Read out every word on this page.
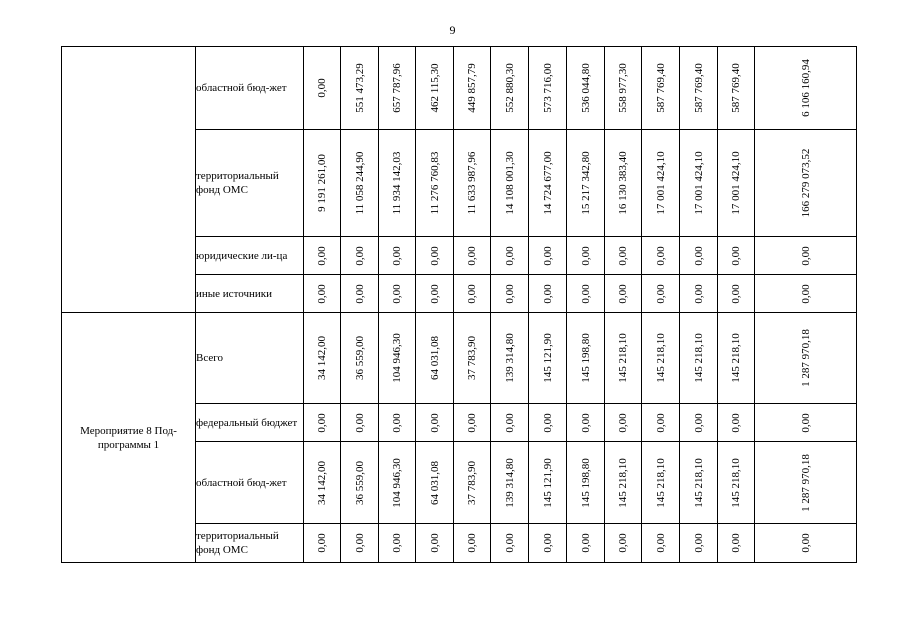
9
	областной бюд-жет	0,00	551 473,29	657 787,96	462 115,30	449 857,79	552 880,30	573 716,00	536 044,80	558 977,30	587 769,40	587 769,40	587 769,40	6 106 160,94

	территориальный фонд ОМС	9 191 261,00	11 058 244,90	11 934 142,03	11 276 760,83	11 633 987,96	14 108 001,30	14 724 677,00	15 217 342,80	16 130 383,40	17 001 424,10	17 001 424,10	17 001 424,10	166 279 073,52

	юридические ли-ца	0,00	0,00	0,00	0,00	0,00	0,00	0,00	0,00	0,00	0,00	0,00	0,00	0,00

	иные источники	0,00	0,00	0,00	0,00	0,00	0,00	0,00	0,00	0,00	0,00	0,00	0,00	0,00

Мероприятие 8 Под-программы 1	Всего	34 142,00	36 559,00	104 946,30	64 031,08	37 783,90	139 314,80	145 121,90	145 198,80	145 218,10	145 218,10	145 218,10	145 218,10	1 287 970,18

	федеральный бюджет	0,00	0,00	0,00	0,00	0,00	0,00	0,00	0,00	0,00	0,00	0,00	0,00	0,00

	областной бюд-жет	34 142,00	36 559,00	104 946,30	64 031,08	37 783,90	139 314,80	145 121,90	145 198,80	145 218,10	145 218,10	145 218,10	145 218,10	1 287 970,18

	территориальный фонд ОМС	0,00	0,00	0,00	0,00	0,00	0,00	0,00	0,00	0,00	0,00	0,00	0,00	0,00
